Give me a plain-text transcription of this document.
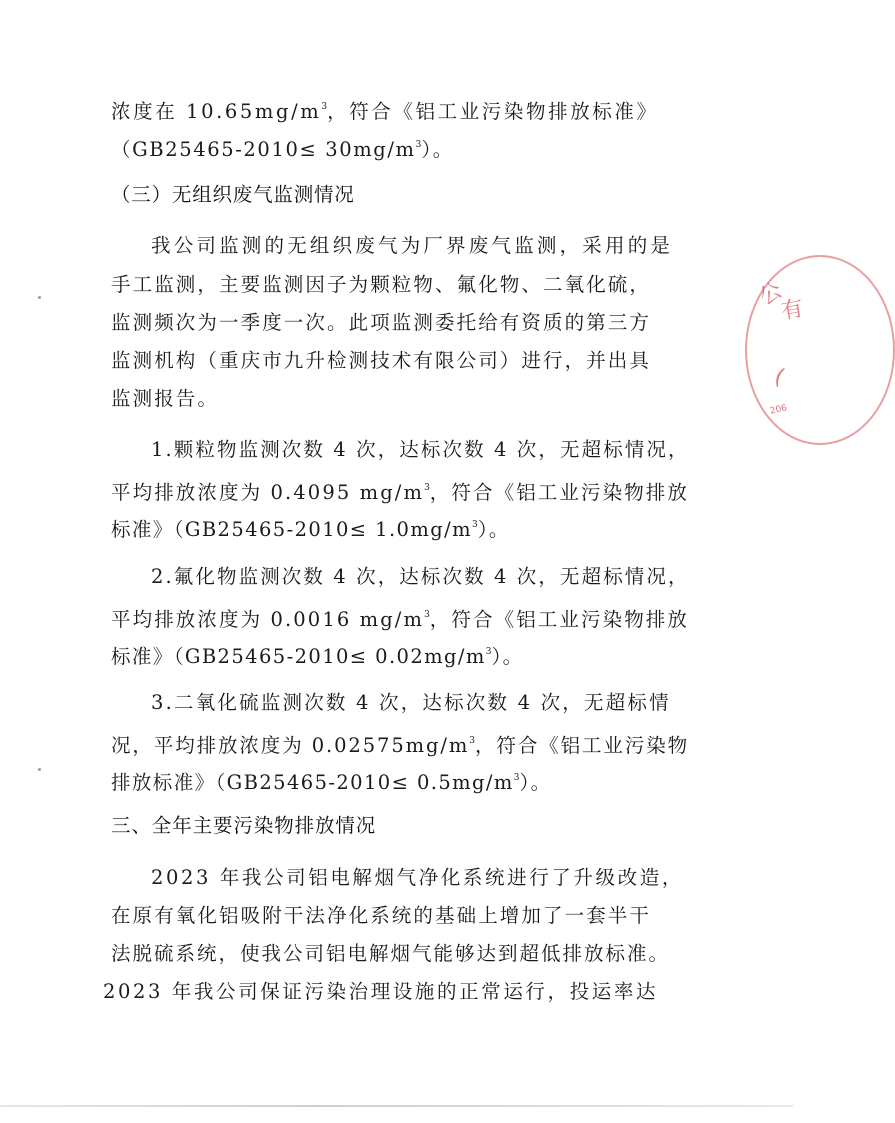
浓度在 $10.65mg/m^3$，符合《铝工业污染物排放标准》
$(GB25465-2010\le 30mg/m^3)$。
（三）无组织废气监测情况
我公司监测的无组织废气为厂界废气监测，采用的是
手工监测，主要监测因子为颗粒物、氟化物、二氧化硫，
监测频次为一季度一次。此项监测委托给有资质的第三方
监测机构（重庆市九升检测技术有限公司）进行，并出具
监测报告。
1.颗粒物监测次数 4 次，达标次数 4 次，无超标情况，
平均排放浓度为 0.4095 $mg/m^3$，符合《铝工业污染物排放
标准》$(GB25465-2010\le 1.0mg/m^3)$。
2.氟化物监测次数 4 次，达标次数 4 次，无超标情况，
平均排放浓度为 0.0016 $mg/m^3$，符合《铝工业污染物排放
标准》$(GB25465-2010\le 0.02mg/m^3)$。
3.二氧化硫监测次数 4 次，达标次数 4 次，无超标情
况，平均排放浓度为 $0.02575mg/m^3$，符合《铝工业污染物
排放标准》$(GB25465-2010\le 0.5mg/m^3)$。
三、全年主要污染物排放情况
2023 年我公司铝电解烟气净化系统进行了升级改造，
在原有氧化铝吸附干法净化系统的基础上增加了一套半干
法脱硫系统，使我公司铝电解烟气能够达到超低排放标准。
2023 年我公司保证污染治理设施的正常运行，投运率达
公
有
(
206
